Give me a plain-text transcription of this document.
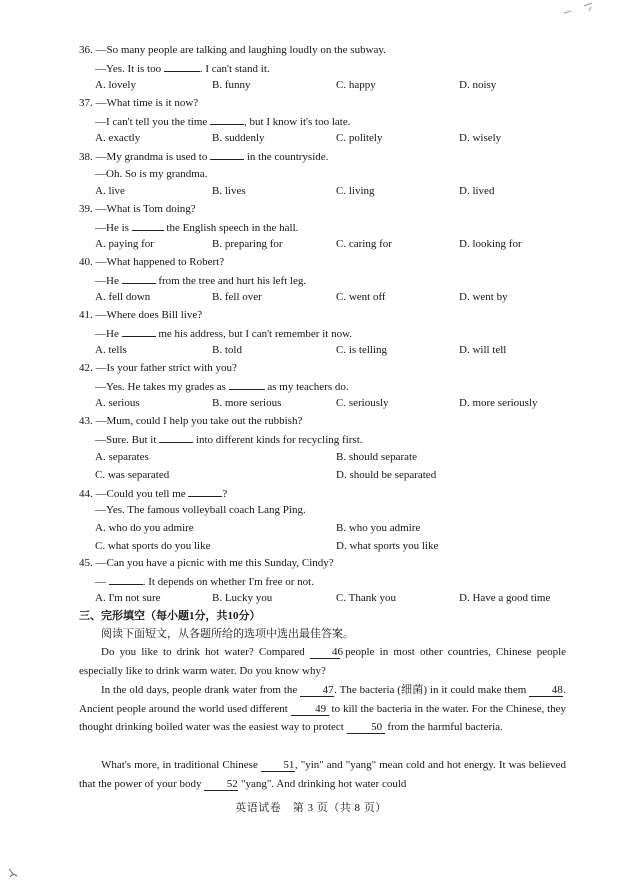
36. —So many people are talking and laughing loudly on the subway.
—Yes. It is too	. I can't stand it.
A. lovely	B. funny	C. happy	D. noisy
37. —What time is it now?
—I can't tell you the time	, but I know it's too late.
A. exactly	B. suddenly	C. politely	D. wisely
38. —My grandma is used to	in the countryside.
—Oh. So is my grandma.
A. live	B. lives	C. living	D. lived
39. —What is Tom doing?
—He is	the English speech in the hall.
A. paying for	B. preparing for	C. caring for	D. looking for
40. —What happened to Robert?
—He	from the tree and hurt his left leg.
A. fell down	B. fell over	C. went off	D. went by
41. —Where does Bill live?
—He	me his address, but I can't remember it now.
A. tells	B. told	C. is telling	D. will tell
42. —Is your father strict with you?
—Yes. He takes my grades as	as my teachers do.
A. serious	B. more serious	C. seriously	D. more seriously
43. —Mum, could I help you take out the rubbish?
—Sure. But it	into different kinds for recycling first.
A. separates	B. should separate
C. was separated	D. should be separated
44. —Could you tell me	?
—Yes. The famous volleyball coach Lang Ping.
A. who do you admire	B. who you admire
C. what sports do you like	D. what sports you like
45. —Can you have a picnic with me this Sunday, Cindy?
—	. It depends on whether I'm free or not.
A. I'm not sure	B. Lucky you	C. Thank you	D. Have a good time
三、完形填空（每小题1分，共10分）
阅读下面短文，从各题所给的选项中选出最佳答案。
Do you like to drink hot water? Compared 46 people in most other countries, Chinese people especially like to drink warm water. Do you know why?
In the old days, people drank water from the 47. The bacteria (细菌) in it could make them 48. Ancient people around the world used different 49 to kill the bacteria in the water. For the Chinese, they thought drinking boiled water was the easiest way to protect 50 from the harmful bacteria.
What's more, in traditional Chinese 51, "yin" and "yang" mean cold and hot energy. It was believed that the power of your body 52 "yang". And drinking hot water could
英语试卷　第 3 页（共 8 页）
